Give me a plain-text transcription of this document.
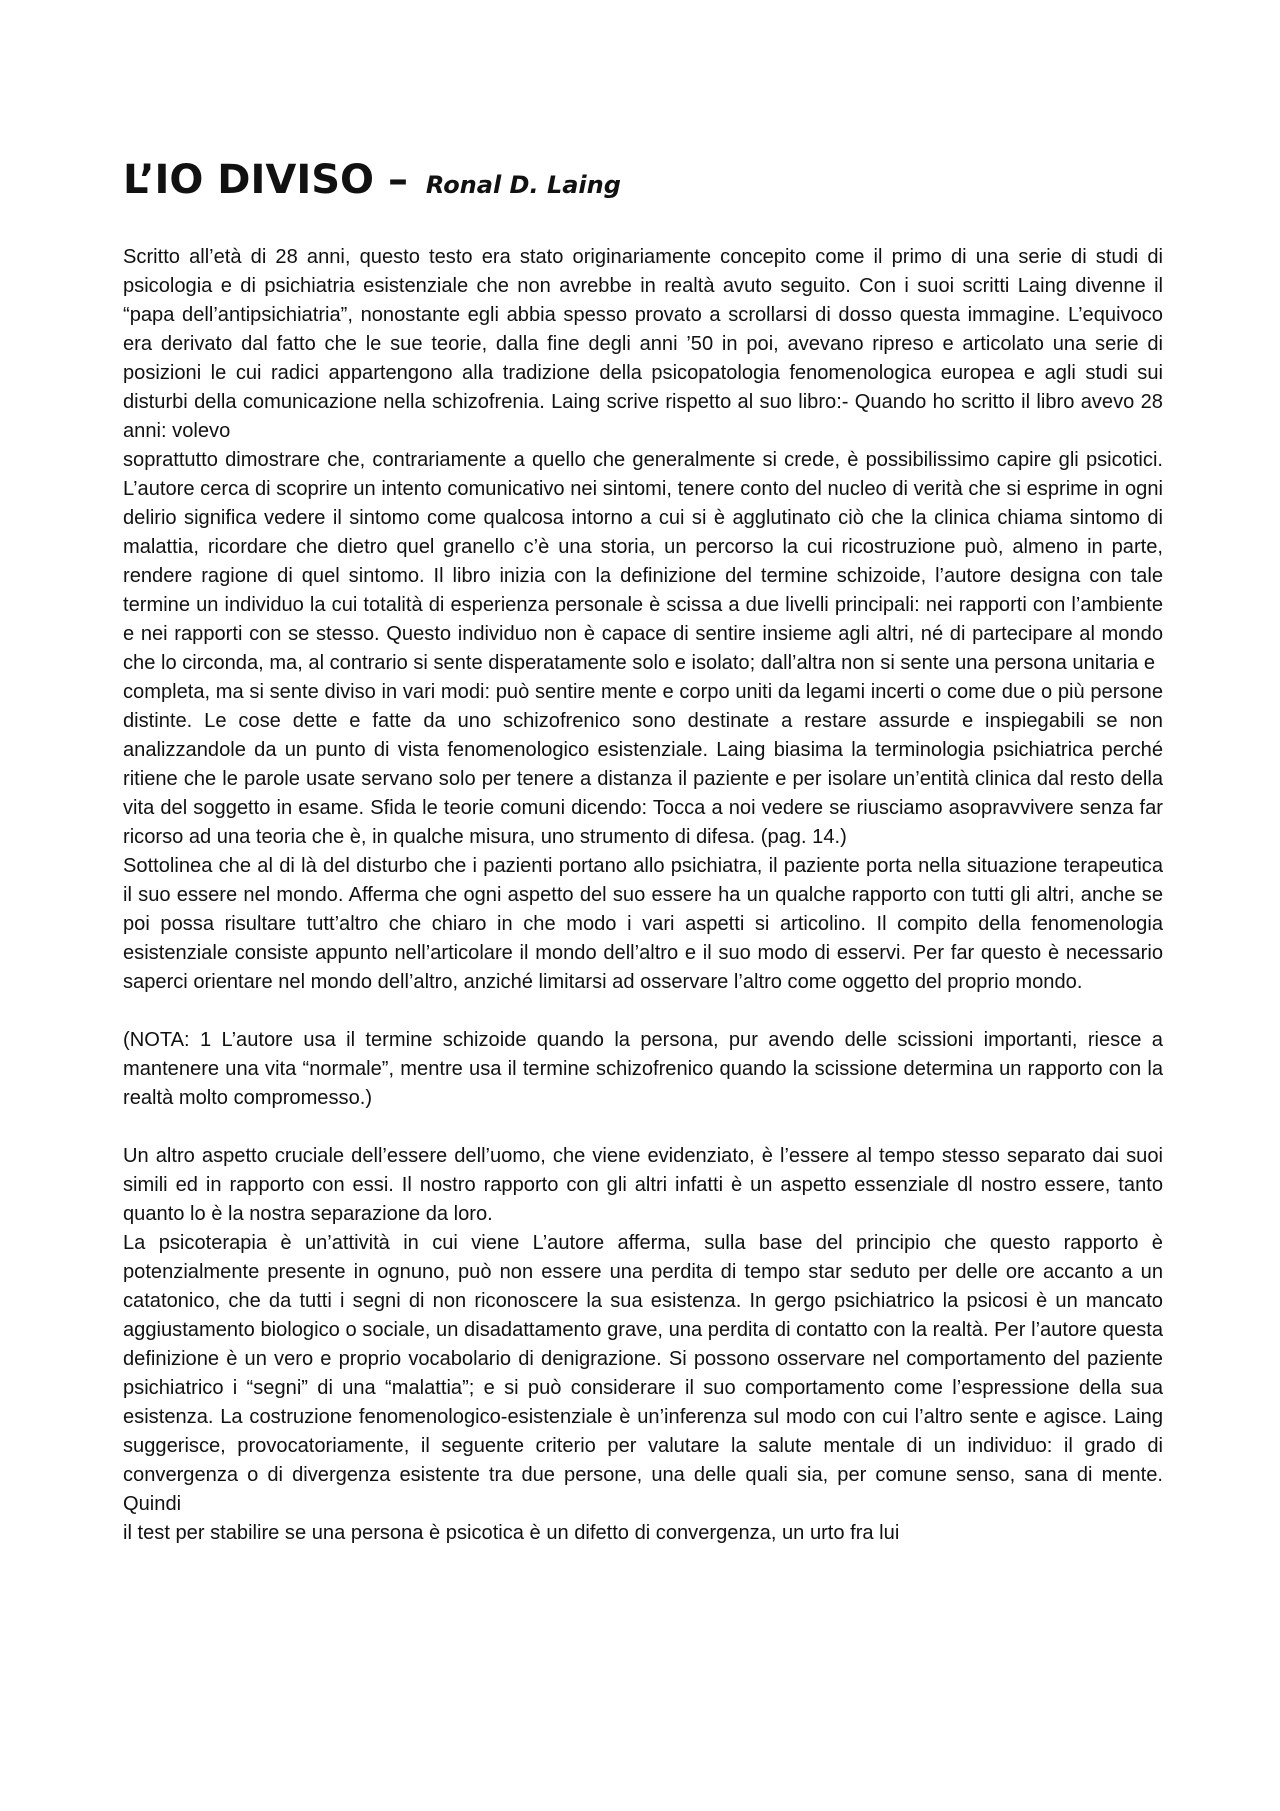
L’IO DIVISO – Ronal D. Laing

Scritto all’età di 28 anni, questo testo era stato originariamente concepito come il primo di una serie di studi di psicologia e di psichiatria esistenziale che non avrebbe in realtà avuto seguito. Con i suoi scritti Laing divenne il “papa dell’antipsichiatria”, nonostante egli abbia spesso provato a scrollarsi di dosso questa immagine. L’equivoco era derivato dal fatto che le sue teorie, dalla fine degli anni ’50 in poi, avevano ripreso e articolato una serie di posizioni le cui radici appartengono alla tradizione della psicopatologia fenomenologica europea e agli studi sui disturbi della comunicazione nella schizofrenia. Laing scrive rispetto al suo libro:- Quando ho scritto il libro avevo 28 anni: volevo

soprattutto dimostrare che, contrariamente a quello che generalmente si crede, è possibilissimo capire gli psicotici. L’autore cerca di scoprire un intento comunicativo nei sintomi, tenere conto del nucleo di verità che si esprime in ogni delirio significa vedere il sintomo come qualcosa intorno a cui si è agglutinato ciò che la clinica chiama sintomo di malattia, ricordare che dietro quel granello c’è una storia, un percorso la cui ricostruzione può, almeno in parte, rendere ragione di quel sintomo. Il libro inizia con la definizione del termine schizoide, l’autore designa con tale termine un individuo la cui totalità di esperienza personale è scissa a due livelli principali: nei rapporti con l’ambiente e nei rapporti con se stesso. Questo individuo non è capace di sentire insieme agli altri, né di partecipare al mondo che lo circonda, ma, al contrario si sente disperatamente solo e isolato; dall’altra non si sente una persona unitaria e

completa, ma si sente diviso in vari modi: può sentire mente e corpo uniti da legami incerti o come due o più persone distinte. Le cose dette e fatte da uno schizofrenico sono destinate a restare assurde e inspiegabili se non analizzandole da un punto di vista fenomenologico esistenziale. Laing biasima la terminologia psichiatrica perché ritiene che le parole usate servano solo per tenere a distanza il paziente e per isolare un’entità clinica dal resto della vita del soggetto in esame. Sfida le teorie comuni dicendo: Tocca a noi vedere se riusciamo asopravvivere senza far ricorso ad una teoria che è, in qualche misura, uno strumento di difesa. (pag. 14.)

Sottolinea che al di là del disturbo che i pazienti portano allo psichiatra, il paziente porta nella situazione terapeutica il suo essere nel mondo. Afferma che ogni aspetto del suo essere ha un qualche rapporto con tutti gli altri, anche se poi possa risultare tutt’altro che chiaro in che modo i vari aspetti si articolino. Il compito della fenomenologia esistenziale consiste appunto nell’articolare il mondo dell’altro e il suo modo di esservi. Per far questo è necessario saperci orientare nel mondo dell’altro, anziché limitarsi ad osservare l’altro come oggetto del proprio mondo.

(NOTA: 1 L’autore usa il termine schizoide quando la persona, pur avendo delle scissioni importanti, riesce a mantenere una vita “normale”, mentre usa il termine schizofrenico quando la scissione determina un rapporto con la realtà molto compromesso.)

Un altro aspetto cruciale dell’essere dell’uomo, che viene evidenziato, è l’essere al tempo stesso separato dai suoi simili ed in rapporto con essi. Il nostro rapporto con gli altri infatti è un aspetto essenziale dl nostro essere, tanto quanto lo è la nostra separazione da loro.

La psicoterapia è un’attività in cui viene L’autore afferma, sulla base del principio che questo rapporto è potenzialmente presente in ognuno, può non essere una perdita di tempo star seduto per delle ore accanto a un catatonico, che da tutti i segni di non riconoscere la sua esistenza. In gergo psichiatrico la psicosi è un mancato aggiustamento biologico o sociale, un disadattamento grave, una perdita di contatto con la realtà. Per l’autore questa definizione è un vero e proprio vocabolario di denigrazione. Si possono osservare nel comportamento del paziente psichiatrico i “segni” di una “malattia”; e si può considerare il suo comportamento come l’espressione della sua esistenza. La costruzione fenomenologico-esistenziale è un’inferenza sul modo con cui l’altro sente e agisce. Laing suggerisce, provocatoriamente, il seguente criterio per valutare la salute mentale di un individuo: il grado di convergenza o di divergenza esistente tra due persone, una delle quali sia, per comune senso, sana di mente. Quindi

il test per stabilire se una persona è psicotica è un difetto di convergenza, un urto fra lui
